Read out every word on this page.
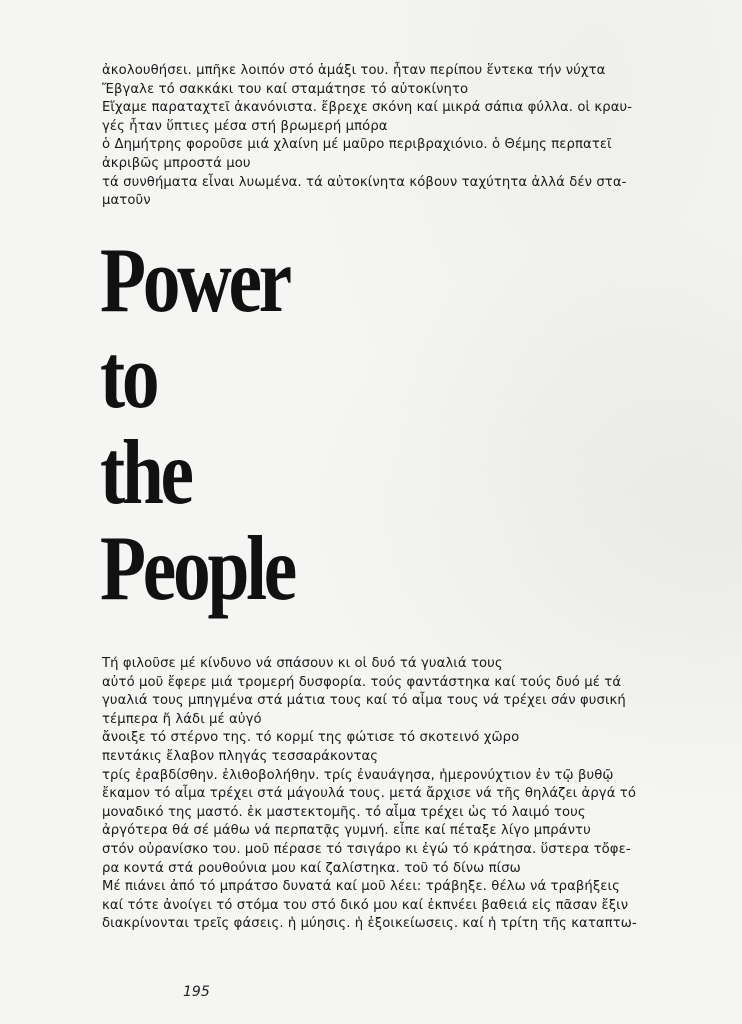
ἀκολουθήσει. μπῆκε λοιπόν στό ἁμάξι του. ἦταν περίπου ἕντεκα τήν νύχτα
Ἔβγαλε τό σακκάκι του καί σταμάτησε τό αὐτοκίνητο
Εἴχαμε παραταχτεῖ ἀκανόνιστα. ἔβρεχε σκόνη καί μικρά σάπια φύλλα. οἱ κραυ-
γές ἦταν ὕπτιες μέσα στή βρωμερή μπόρα
ὁ Δημήτρης φοροῦσε μιά χλαίνη μέ μαῦρο περιβραχιόνιο. ὁ Θέμης περπατεῖ
ἀκριβῶς μπροστά μου
τά συνθήματα εἶναι λυωμένα. τά αὐτοκίνητα κόβουν ταχύτητα ἀλλά δέν στα-
ματοῦν
Power
to
the
People
Τή φιλοῦσε μέ κίνδυνο νά σπάσουν κι οἱ δυό τά γυαλιά τους
αὐτό μοῦ ἔφερε μιά τρομερή δυσφορία. τούς φαντάστηκα καί τούς δυό μέ τά
γυαλιά τους μπηγμένα στά μάτια τους καί τό αἷμα τους νά τρέχει σάν φυσική
τέμπερα ἤ λάδι μέ αὐγό
ἄνοιξε τό στέρνο της. τό κορμί της φώτισε τό σκοτεινό χῶρο
πεντάκις ἔλαβον πληγάς τεσσαράκοντας
τρίς ἐραβδίσθην. ἐλιθοβολήθην. τρίς ἐναυάγησα, ἡμερονύχτιον ἐν τῷ βυθῷ
ἔκαμον τό αἷμα τρέχει στά μάγουλά τους. μετά ἄρχισε νά τῆς θηλάζει ἀργά τό
μοναδικό της μαστό. ἐκ μαστεκτομῆς. τό αἷμα τρέχει ὡς τό λαιμό τους
ἀργότερα θά σέ μάθω νά περπατᾷς γυμνή. εἶπε καί πέταξε λίγο μπράντυ
στόν οὐρανίσκο του. μοῦ πέρασε τό τσιγάρο κι ἐγώ τό κράτησα. ὕστερα τὄφε-
ρα κοντά στά ρουθούνια μου καί ζαλίστηκα. τοῦ τό δίνω πίσω
Μέ πιάνει ἀπό τό μπράτσο δυνατά καί μοῦ λέει: τράβηξε. θέλω νά τραβήξεις
καί τότε ἀνοίγει τό στόμα του στό δικό μου καί ἐκπνέει βαθειά εἰς πᾶσαν ἔξιν
διακρίνονται τρεῖς φάσεις. ἡ μύησις. ἡ ἐξοικείωσεις. καί ἡ τρίτη τῆς καταπτω-
195
